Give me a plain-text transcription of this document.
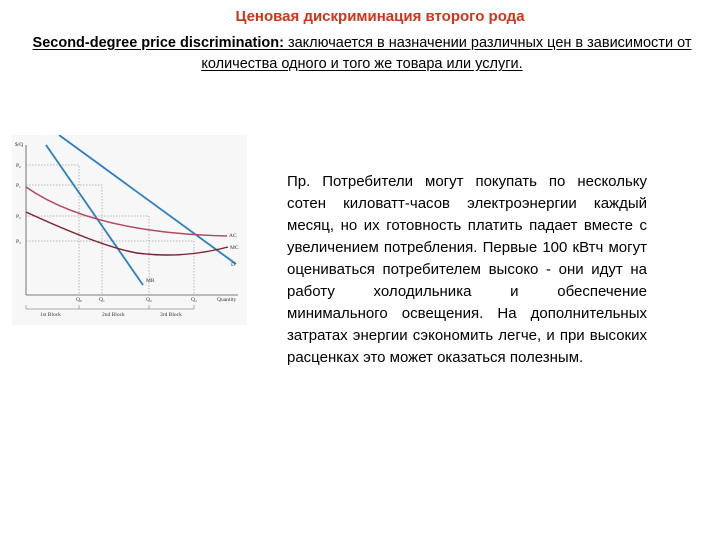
Ценовая дискриминация второго рода
Second-degree price discrimination: заключается в назначении различных цен в зависимости от количества одного и того же товара или услуги.
$/Q
P₀
P₁
P₂
P₃
AC
MC
D
MR
Q₀	Q₁	Q₂	Q₃	Quantity
1st Block	2nd Block	3rd Block
Пр. Потребители могут покупать по нескольку сотен киловатт-часов электроэнергии каждый месяц, но их готовность платить падает вместе с увеличением потребления. Первые 100 кВтч могут оцениваться потребителем высоко - они идут на работу холодильника и обеспечение минимального освещения. На дополнительных затратах энергии сэкономить легче, и при высоких расценках это может оказаться полезным.
